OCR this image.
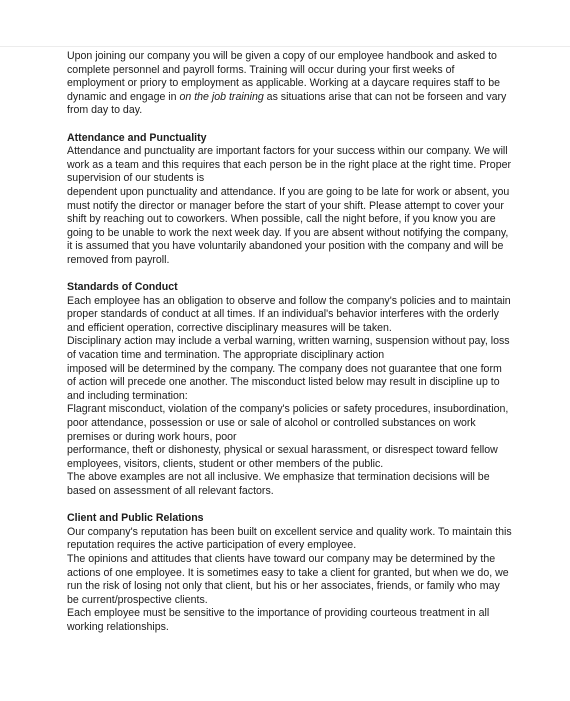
Upon joining our company you will be given a copy of our employee handbook and asked to complete personnel and payroll forms. Training will occur during your first weeks of employment or priory to employment as applicable. Working at a daycare requires staff to be dynamic and engage in on the job training as situations arise that can not be forseen and vary from day to day.

Attendance and Punctuality

Attendance and punctuality are important factors for your success within our company. We will work as a team and this requires that each person be in the right place at the right time. Proper supervision of our students is

dependent upon punctuality and attendance. If you are going to be late for work or absent, you must notify the director or manager before the start of your shift. Please attempt to cover your shift by reaching out to coworkers. When possible, call the night before, if you know you are going to be unable to work the next week day. If you are absent without notifying the company, it is assumed that you have voluntarily abandoned your position with the company and will be removed from payroll.

Standards of Conduct

Each employee has an obligation to observe and follow the company's policies and to maintain proper standards of conduct at all times. If an individual's behavior interferes with the orderly and efficient operation, corrective disciplinary measures will be taken.

Disciplinary action may include a verbal warning, written warning, suspension without pay, loss of vacation time and termination. The appropriate disciplinary action

imposed will be determined by the company. The company does not guarantee that one form of action will precede one another. The misconduct listed below may result in discipline up to and including termination:

Flagrant misconduct, violation of the company's policies or safety procedures, insubordination, poor attendance, possession or use or sale of alcohol or controlled substances on work premises or during work hours, poor

performance, theft or dishonesty, physical or sexual harassment, or disrespect toward fellow employees, visitors, clients, student or other members of the public.

The above examples are not all inclusive. We emphasize that termination decisions will be based on assessment of all relevant factors.

Client and Public Relations

Our company's reputation has been built on excellent service and quality work. To maintain this reputation requires the active participation of every employee.

The opinions and attitudes that clients have toward our company may be determined by the actions of one employee. It is sometimes easy to take a client for granted, but when we do, we run the risk of losing not only that client, but his or her associates, friends, or family who may be current/prospective clients.

Each employee must be sensitive to the importance of providing courteous treatment in all working relationships.
